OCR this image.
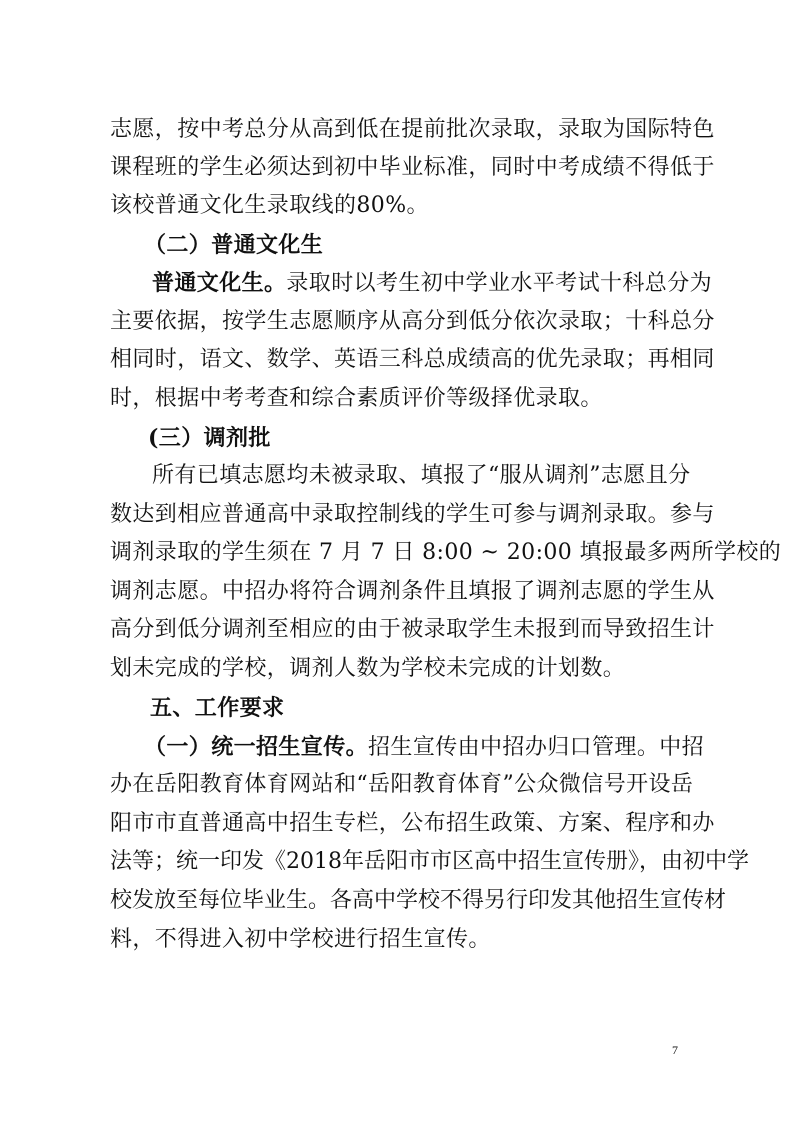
志愿，按中考总分从高到低在提前批次录取，录取为国际特色
课程班的学生必须达到初中毕业标准，同时中考成绩不得低于
该校普通文化生录取线的80%。
（二）普通文化生
普通文化生。录取时以考生初中学业水平考试十科总分为
主要依据，按学生志愿顺序从高分到低分依次录取；十科总分
相同时，语文、数学、英语三科总成绩高的优先录取；再相同
时，根据中考考查和综合素质评价等级择优录取。
(三）调剂批
所有已填志愿均未被录取、填报了“服从调剂”志愿且分
数达到相应普通高中录取控制线的学生可参与调剂录取。参与
调剂录取的学生须在 7 月 7 日 8:00 ~ 20:00 填报最多两所学校的
调剂志愿。中招办将符合调剂条件且填报了调剂志愿的学生从
高分到低分调剂至相应的由于被录取学生未报到而导致招生计
划未完成的学校，调剂人数为学校未完成的计划数。
五、工作要求
（一）统一招生宣传。招生宣传由中招办归口管理。中招
办在岳阳教育体育网站和“岳阳教育体育”公众微信号开设岳
阳市市直普通高中招生专栏，公布招生政策、方案、程序和办
法等；统一印发《2018年岳阳市市区高中招生宣传册》，由初中学
校发放至每位毕业生。各高中学校不得另行印发其他招生宣传材
料，不得进入初中学校进行招生宣传。
7
